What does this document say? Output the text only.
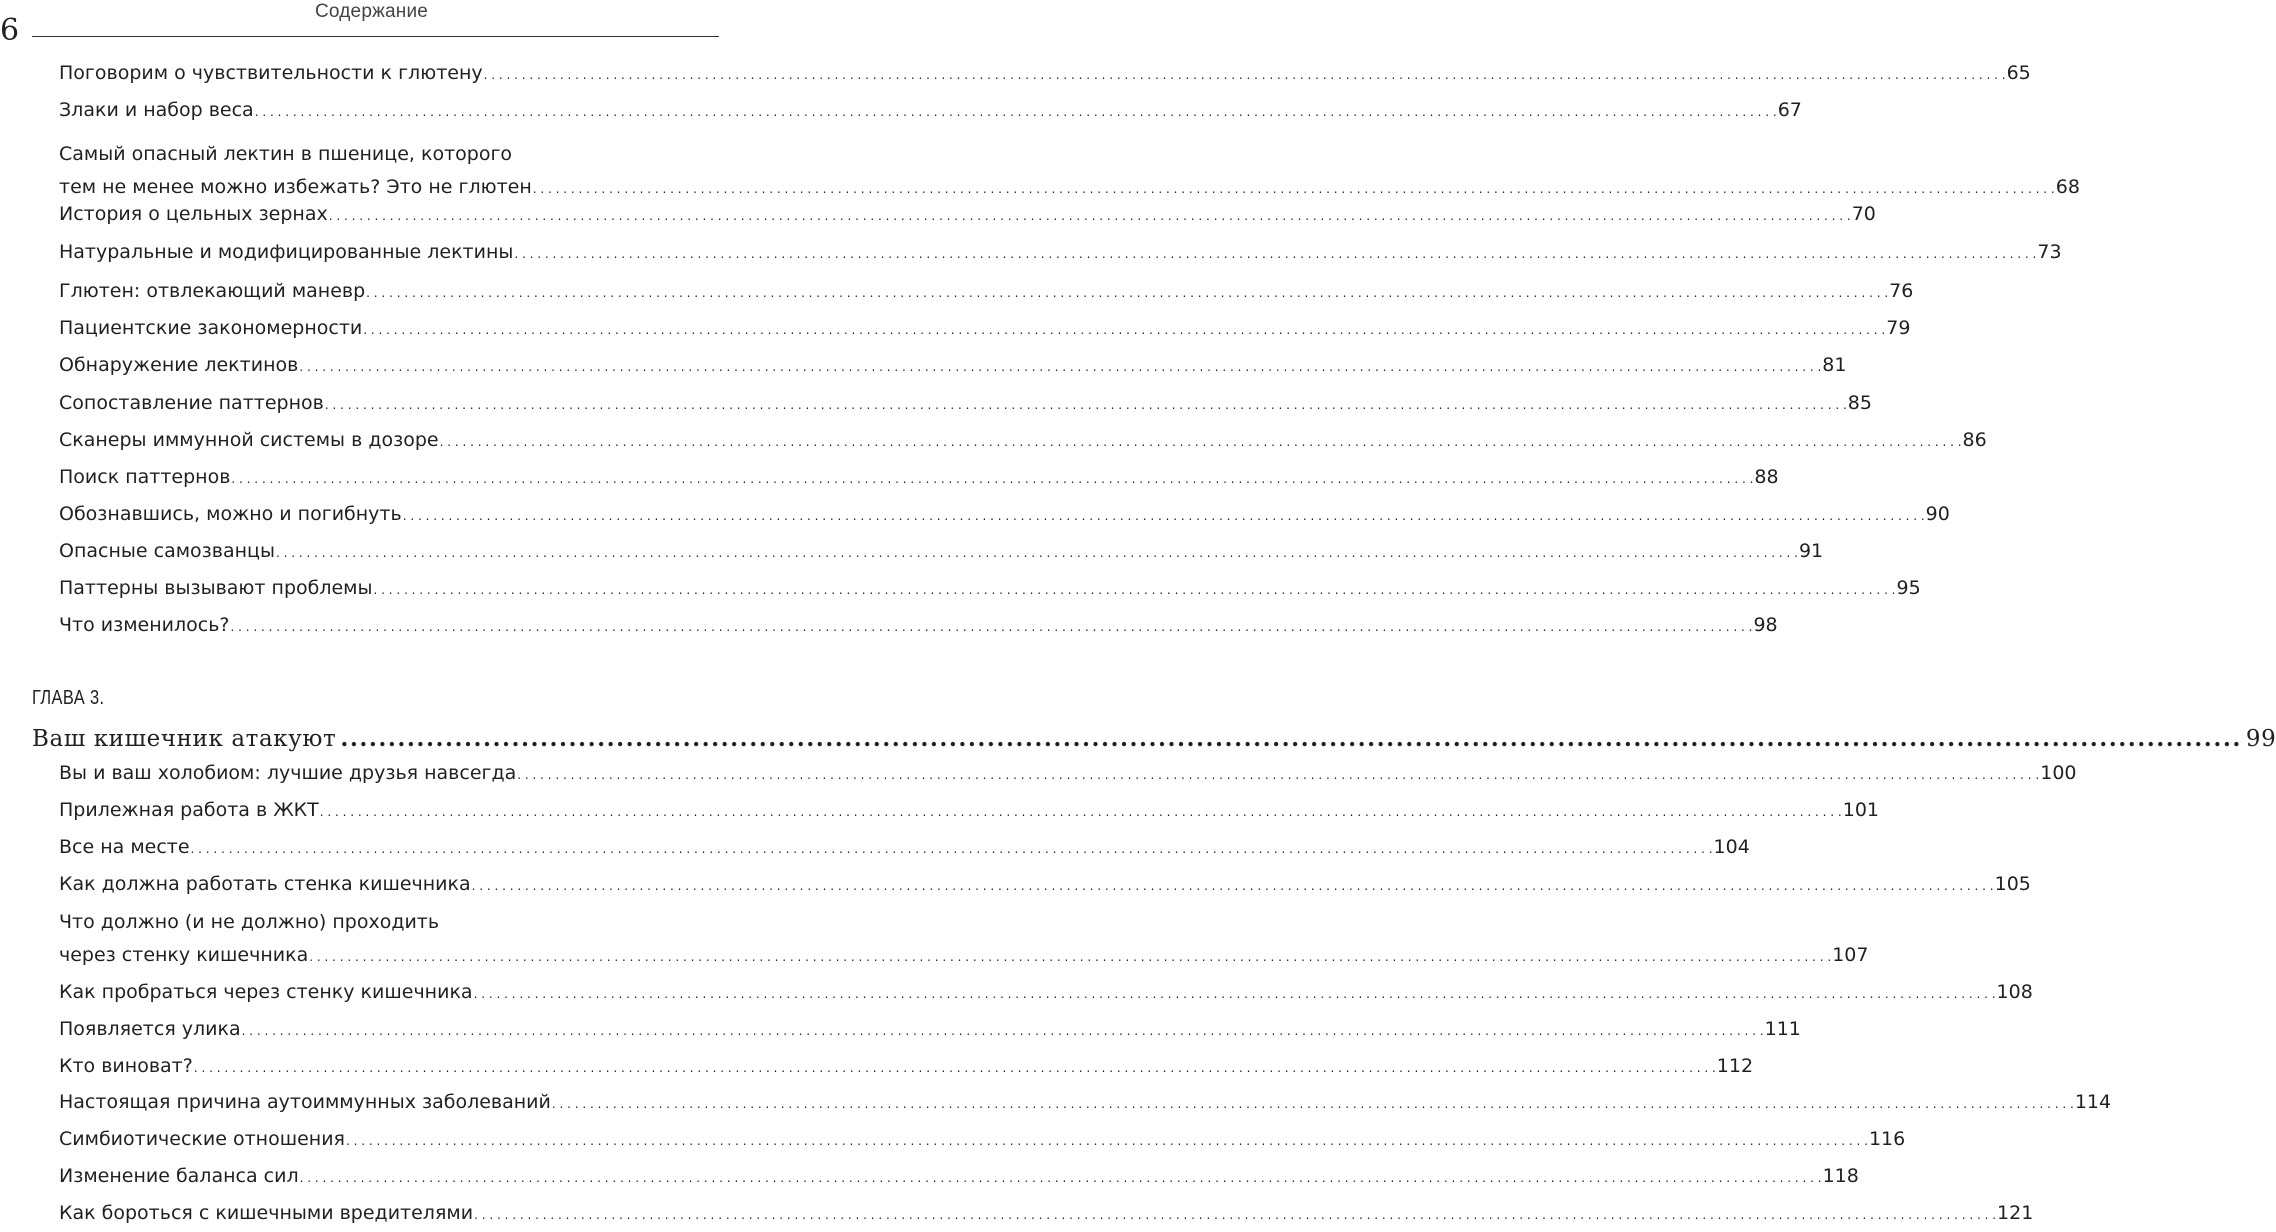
6
Содержание
ГЛАВА 3.
Ваш кишечник атакуют ........................................................................................................................................................................................................ 99
Поговорим о чувствительности к глютену . . . . . . . . . . . . . . . . . . . . . . . . . . . . . . . . . . . . . . . . . . . . . . . . . . . . . . . . . . . . . . . . . . . . . . . . . . . . . . . . . . . . . . . . . . . . . . . . . . . . . . . . . . . . . . . . . . . . . . . . . . . . . . . . . . . . . . . . . . . . . . . . . . . . . . . . . . . . . . . . . . . . . . . . . . . . . . . . . . . . . . . . . . . . . . . . . . . . . . . . 65
Злаки и набор веса . . . . . . . . . . . . . . . . . . . . . . . . . . . . . . . . . . . . . . . . . . . . . . . . . . . . . . . . . . . . . . . . . . . . . . . . . . . . . . . . . . . . . . . . . . . . . . . . . . . . . . . . . . . . . . . . . . . . . . . . . . . . . . . . . . . . . . . . . . . . . . . . . . . . . . . . . . . . . . . . . . . . . . . . . . . . . . . . . . . . . . . . . . . . . . . . . . . . . . . . 67
Самый опасный лектин в пшенице, которого
тем не менее можно избежать? Это не глютен . . . . . . . . . . . . . . . . . . . . . . . . . . . . . . . . . . . . . . . . . . . . . . . . . . . . . . . . . . . . . . . . . . . . . . . . . . . . . . . . . . . . . . . . . . . . . . . . . . . . . . . . . . . . . . . . . . . . . . . . . . . . . . . . . . . . . . . . . . . . . . . . . . . . . . . . . . . . . . . . . . . . . . . . . . . . . . . . . . . . . . . . . . . . . . . . . . . . . . . . 68
История о цельных зернах . . . . . . . . . . . . . . . . . . . . . . . . . . . . . . . . . . . . . . . . . . . . . . . . . . . . . . . . . . . . . . . . . . . . . . . . . . . . . . . . . . . . . . . . . . . . . . . . . . . . . . . . . . . . . . . . . . . . . . . . . . . . . . . . . . . . . . . . . . . . . . . . . . . . . . . . . . . . . . . . . . . . . . . . . . . . . . . . . . . . . . . . . . . . . . . . . . . . . . . . 70
Натуральные и модифицированные лектины . . . . . . . . . . . . . . . . . . . . . . . . . . . . . . . . . . . . . . . . . . . . . . . . . . . . . . . . . . . . . . . . . . . . . . . . . . . . . . . . . . . . . . . . . . . . . . . . . . . . . . . . . . . . . . . . . . . . . . . . . . . . . . . . . . . . . . . . . . . . . . . . . . . . . . . . . . . . . . . . . . . . . . . . . . . . . . . . . . . . . . . . . . . . . . . . . . . . . . . . 73
Глютен: отвлекающий маневр . . . . . . . . . . . . . . . . . . . . . . . . . . . . . . . . . . . . . . . . . . . . . . . . . . . . . . . . . . . . . . . . . . . . . . . . . . . . . . . . . . . . . . . . . . . . . . . . . . . . . . . . . . . . . . . . . . . . . . . . . . . . . . . . . . . . . . . . . . . . . . . . . . . . . . . . . . . . . . . . . . . . . . . . . . . . . . . . . . . . . . . . . . . . . . . . . . . . . . . . 76
Пациентские закономерности . . . . . . . . . . . . . . . . . . . . . . . . . . . . . . . . . . . . . . . . . . . . . . . . . . . . . . . . . . . . . . . . . . . . . . . . . . . . . . . . . . . . . . . . . . . . . . . . . . . . . . . . . . . . . . . . . . . . . . . . . . . . . . . . . . . . . . . . . . . . . . . . . . . . . . . . . . . . . . . . . . . . . . . . . . . . . . . . . . . . . . . . . . . . . . . . . . . . . . . . 79
Обнаружение лектинов . . . . . . . . . . . . . . . . . . . . . . . . . . . . . . . . . . . . . . . . . . . . . . . . . . . . . . . . . . . . . . . . . . . . . . . . . . . . . . . . . . . . . . . . . . . . . . . . . . . . . . . . . . . . . . . . . . . . . . . . . . . . . . . . . . . . . . . . . . . . . . . . . . . . . . . . . . . . . . . . . . . . . . . . . . . . . . . . . . . . . . . . . . . . . . . . . . . . . . . . 81
Сопоставление паттернов . . . . . . . . . . . . . . . . . . . . . . . . . . . . . . . . . . . . . . . . . . . . . . . . . . . . . . . . . . . . . . . . . . . . . . . . . . . . . . . . . . . . . . . . . . . . . . . . . . . . . . . . . . . . . . . . . . . . . . . . . . . . . . . . . . . . . . . . . . . . . . . . . . . . . . . . . . . . . . . . . . . . . . . . . . . . . . . . . . . . . . . . . . . . . . . . . . . . . . . . 85
Сканеры иммунной системы в дозоре . . . . . . . . . . . . . . . . . . . . . . . . . . . . . . . . . . . . . . . . . . . . . . . . . . . . . . . . . . . . . . . . . . . . . . . . . . . . . . . . . . . . . . . . . . . . . . . . . . . . . . . . . . . . . . . . . . . . . . . . . . . . . . . . . . . . . . . . . . . . . . . . . . . . . . . . . . . . . . . . . . . . . . . . . . . . . . . . . . . . . . . . . . . . . . . . . . . . . . . . 86
Поиск паттернов . . . . . . . . . . . . . . . . . . . . . . . . . . . . . . . . . . . . . . . . . . . . . . . . . . . . . . . . . . . . . . . . . . . . . . . . . . . . . . . . . . . . . . . . . . . . . . . . . . . . . . . . . . . . . . . . . . . . . . . . . . . . . . . . . . . . . . . . . . . . . . . . . . . . . . . . . . . . . . . . . . . . . . . . . . . . . . . . . . . . . . . . . . . . . . . . . . . . . . . . 88
Обознавшись, можно и погибнуть . . . . . . . . . . . . . . . . . . . . . . . . . . . . . . . . . . . . . . . . . . . . . . . . . . . . . . . . . . . . . . . . . . . . . . . . . . . . . . . . . . . . . . . . . . . . . . . . . . . . . . . . . . . . . . . . . . . . . . . . . . . . . . . . . . . . . . . . . . . . . . . . . . . . . . . . . . . . . . . . . . . . . . . . . . . . . . . . . . . . . . . . . . . . . . . . . . . . . . . . 90
Опасные самозванцы . . . . . . . . . . . . . . . . . . . . . . . . . . . . . . . . . . . . . . . . . . . . . . . . . . . . . . . . . . . . . . . . . . . . . . . . . . . . . . . . . . . . . . . . . . . . . . . . . . . . . . . . . . . . . . . . . . . . . . . . . . . . . . . . . . . . . . . . . . . . . . . . . . . . . . . . . . . . . . . . . . . . . . . . . . . . . . . . . . . . . . . . . . . . . . . . . . . . . . . . 91
Паттерны вызывают проблемы . . . . . . . . . . . . . . . . . . . . . . . . . . . . . . . . . . . . . . . . . . . . . . . . . . . . . . . . . . . . . . . . . . . . . . . . . . . . . . . . . . . . . . . . . . . . . . . . . . . . . . . . . . . . . . . . . . . . . . . . . . . . . . . . . . . . . . . . . . . . . . . . . . . . . . . . . . . . . . . . . . . . . . . . . . . . . . . . . . . . . . . . . . . . . . . . . . . . . . . . 95
Что изменилось? . . . . . . . . . . . . . . . . . . . . . . . . . . . . . . . . . . . . . . . . . . . . . . . . . . . . . . . . . . . . . . . . . . . . . . . . . . . . . . . . . . . . . . . . . . . . . . . . . . . . . . . . . . . . . . . . . . . . . . . . . . . . . . . . . . . . . . . . . . . . . . . . . . . . . . . . . . . . . . . . . . . . . . . . . . . . . . . . . . . . . . . . . . . . . . . . . . . . . . . . 98
Вы и ваш холобиом: лучшие друзья навсегда . . . . . . . . . . . . . . . . . . . . . . . . . . . . . . . . . . . . . . . . . . . . . . . . . . . . . . . . . . . . . . . . . . . . . . . . . . . . . . . . . . . . . . . . . . . . . . . . . . . . . . . . . . . . . . . . . . . . . . . . . . . . . . . . . . . . . . . . . . . . . . . . . . . . . . . . . . . . . . . . . . . . . . . . . . . . . . . . . . . . . . . . . . . . . . . . . . . . . . . . 100
Прилежная работа в ЖКТ . . . . . . . . . . . . . . . . . . . . . . . . . . . . . . . . . . . . . . . . . . . . . . . . . . . . . . . . . . . . . . . . . . . . . . . . . . . . . . . . . . . . . . . . . . . . . . . . . . . . . . . . . . . . . . . . . . . . . . . . . . . . . . . . . . . . . . . . . . . . . . . . . . . . . . . . . . . . . . . . . . . . . . . . . . . . . . . . . . . . . . . . . . . . . . . . . . . . . . . . 101
Все на месте . . . . . . . . . . . . . . . . . . . . . . . . . . . . . . . . . . . . . . . . . . . . . . . . . . . . . . . . . . . . . . . . . . . . . . . . . . . . . . . . . . . . . . . . . . . . . . . . . . . . . . . . . . . . . . . . . . . . . . . . . . . . . . . . . . . . . . . . . . . . . . . . . . . . . . . . . . . . . . . . . . . . . . . . . . . . . . . . . . . . . . . . . . . . . . . . . . . . . . . . 104
Как должна работать стенка кишечника . . . . . . . . . . . . . . . . . . . . . . . . . . . . . . . . . . . . . . . . . . . . . . . . . . . . . . . . . . . . . . . . . . . . . . . . . . . . . . . . . . . . . . . . . . . . . . . . . . . . . . . . . . . . . . . . . . . . . . . . . . . . . . . . . . . . . . . . . . . . . . . . . . . . . . . . . . . . . . . . . . . . . . . . . . . . . . . . . . . . . . . . . . . . . . . . . . . . . . . . 105
Что должно (и не должно) проходить
через стенку кишечника . . . . . . . . . . . . . . . . . . . . . . . . . . . . . . . . . . . . . . . . . . . . . . . . . . . . . . . . . . . . . . . . . . . . . . . . . . . . . . . . . . . . . . . . . . . . . . . . . . . . . . . . . . . . . . . . . . . . . . . . . . . . . . . . . . . . . . . . . . . . . . . . . . . . . . . . . . . . . . . . . . . . . . . . . . . . . . . . . . . . . . . . . . . . . . . . . . . . . . . . 107
Как пробраться через стенку кишечника . . . . . . . . . . . . . . . . . . . . . . . . . . . . . . . . . . . . . . . . . . . . . . . . . . . . . . . . . . . . . . . . . . . . . . . . . . . . . . . . . . . . . . . . . . . . . . . . . . . . . . . . . . . . . . . . . . . . . . . . . . . . . . . . . . . . . . . . . . . . . . . . . . . . . . . . . . . . . . . . . . . . . . . . . . . . . . . . . . . . . . . . . . . . . . . . . . . . . . . . 108
Появляется улика . . . . . . . . . . . . . . . . . . . . . . . . . . . . . . . . . . . . . . . . . . . . . . . . . . . . . . . . . . . . . . . . . . . . . . . . . . . . . . . . . . . . . . . . . . . . . . . . . . . . . . . . . . . . . . . . . . . . . . . . . . . . . . . . . . . . . . . . . . . . . . . . . . . . . . . . . . . . . . . . . . . . . . . . . . . . . . . . . . . . . . . . . . . . . . . . . . . . . . . . 111
Кто виноват? . . . . . . . . . . . . . . . . . . . . . . . . . . . . . . . . . . . . . . . . . . . . . . . . . . . . . . . . . . . . . . . . . . . . . . . . . . . . . . . . . . . . . . . . . . . . . . . . . . . . . . . . . . . . . . . . . . . . . . . . . . . . . . . . . . . . . . . . . . . . . . . . . . . . . . . . . . . . . . . . . . . . . . . . . . . . . . . . . . . . . . . . . . . . . . . . . . . . . . . . 112
Настоящая причина аутоиммунных заболеваний . . . . . . . . . . . . . . . . . . . . . . . . . . . . . . . . . . . . . . . . . . . . . . . . . . . . . . . . . . . . . . . . . . . . . . . . . . . . . . . . . . . . . . . . . . . . . . . . . . . . . . . . . . . . . . . . . . . . . . . . . . . . . . . . . . . . . . . . . . . . . . . . . . . . . . . . . . . . . . . . . . . . . . . . . . . . . . . . . . . . . . . . . . . . . . . . . . . . . . . . 114
Симбиотические отношения . . . . . . . . . . . . . . . . . . . . . . . . . . . . . . . . . . . . . . . . . . . . . . . . . . . . . . . . . . . . . . . . . . . . . . . . . . . . . . . . . . . . . . . . . . . . . . . . . . . . . . . . . . . . . . . . . . . . . . . . . . . . . . . . . . . . . . . . . . . . . . . . . . . . . . . . . . . . . . . . . . . . . . . . . . . . . . . . . . . . . . . . . . . . . . . . . . . . . . . . 116
Изменение баланса сил . . . . . . . . . . . . . . . . . . . . . . . . . . . . . . . . . . . . . . . . . . . . . . . . . . . . . . . . . . . . . . . . . . . . . . . . . . . . . . . . . . . . . . . . . . . . . . . . . . . . . . . . . . . . . . . . . . . . . . . . . . . . . . . . . . . . . . . . . . . . . . . . . . . . . . . . . . . . . . . . . . . . . . . . . . . . . . . . . . . . . . . . . . . . . . . . . . . . . . . . 118
Как бороться с кишечными вредителями . . . . . . . . . . . . . . . . . . . . . . . . . . . . . . . . . . . . . . . . . . . . . . . . . . . . . . . . . . . . . . . . . . . . . . . . . . . . . . . . . . . . . . . . . . . . . . . . . . . . . . . . . . . . . . . . . . . . . . . . . . . . . . . . . . . . . . . . . . . . . . . . . . . . . . . . . . . . . . . . . . . . . . . . . . . . . . . . . . . . . . . . . . . . . . . . . . . . . . . . 121
